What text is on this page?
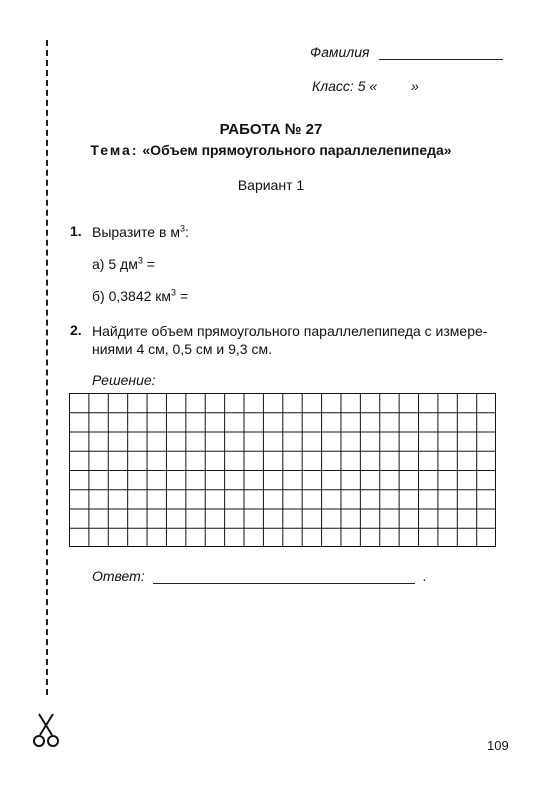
Фамилия
Класс: 5 « »
РАБОТА № 27
Тема: «Объем прямоугольного параллелепипеда»
Вариант 1
1. Выразите в $м^3$:
а) 5 $дм^3$ =
б) 0,3842 $км^3$ =
2. Найдите объем прямоугольного параллелепипеда с измере-
ниями 4 см, 0,5 см и 9,3 см.
Решение:
Ответ:	.
109
